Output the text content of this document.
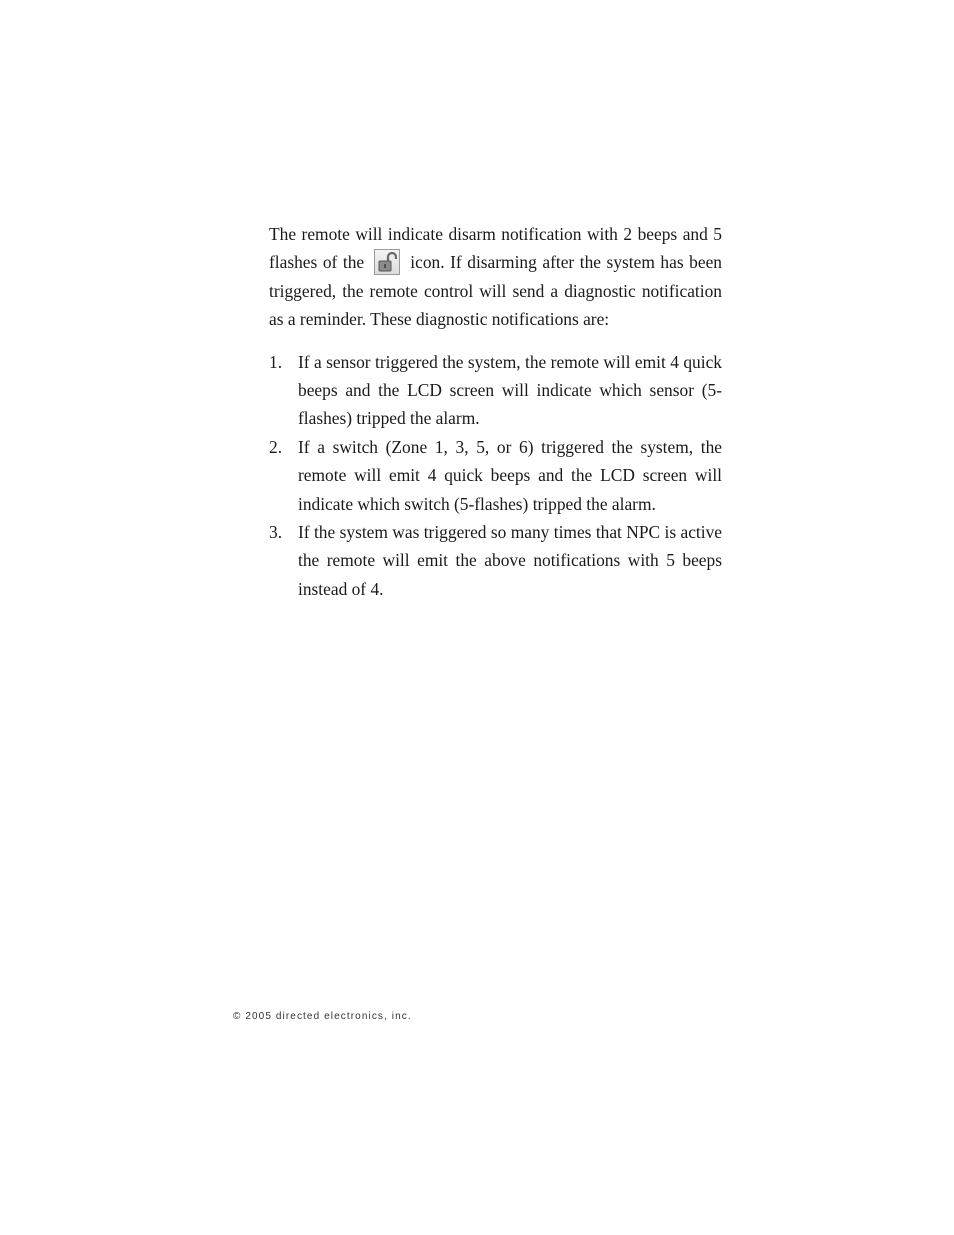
The remote will indicate disarm notification with 2 beeps and 5 flashes of the	icon. If disarming after the system has been triggered, the remote control will send a diagnostic notification as a reminder. These diagnostic notifications are:

1. If a sensor triggered the system, the remote will emit 4 quick beeps and the LCD screen will indicate which sensor (5-flashes) tripped the alarm.
2. If a switch (Zone 1, 3, 5, or 6) triggered the system, the remote will emit 4 quick beeps and the LCD screen will indicate which switch (5-flashes) tripped the alarm.
3. If the system was triggered so many times that NPC is active the remote will emit the above notifications with 5 beeps instead of 4.
© 2005 directed electronics, inc.
